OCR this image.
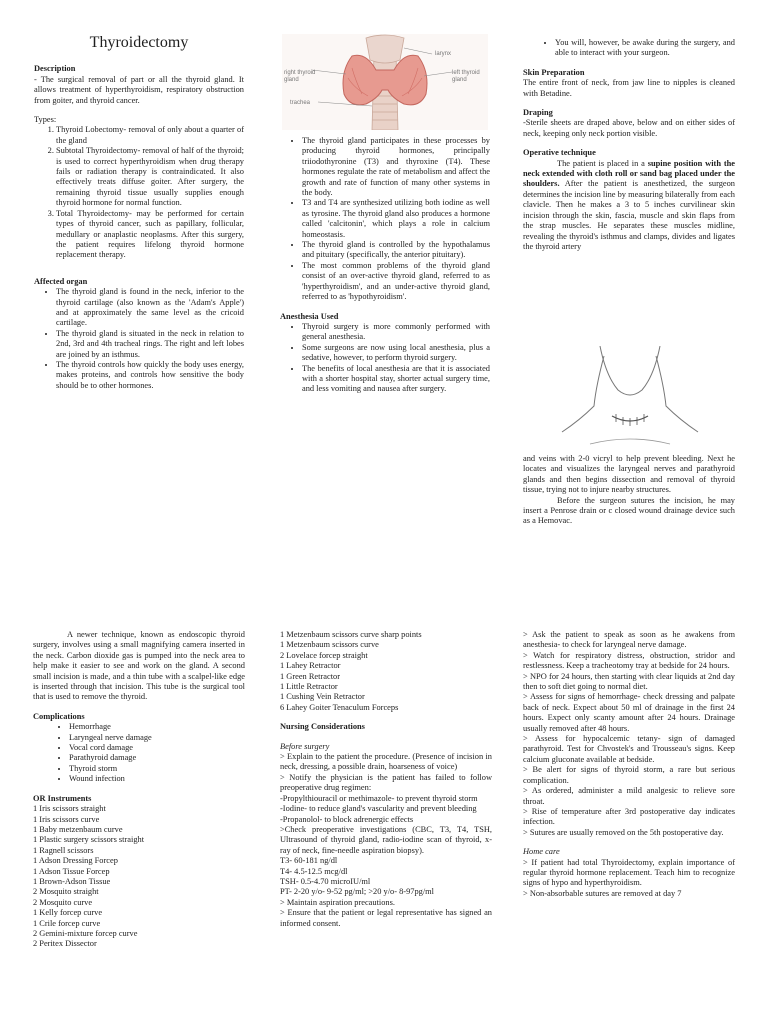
Thyroidectomy

Description

- The surgical removal of part or all the thyroid gland. It allows treatment of hyperthyroidism, respiratory obstruction from goiter, and thyroid cancer.

Types:

1. Thyroid Lobectomy- removal of only about a quarter of the gland
2. Subtotal Thyroidectomy- removal of half of the thyroid; is used to correct hyperthyroidism when drug therapy fails or radiation therapy is contraindicated. It also effectively treats diffuse goiter. After surgery, the remaining thyroid tissue usually supplies enough thyroid hormone for normal function.
3. Total Thyroidectomy- may be performed for certain types of thyroid cancer, such as papillary, follicular, medullary or anaplastic neoplasms. After this surgery, the patient requires lifelong thyroid hormone replacement therapy.

Affected organ

• The thyroid gland is found in the neck, inferior to the thyroid cartilage (also known as the 'Adam's Apple') and at approximately the same level as the cricoid cartilage.
• The thyroid gland is situated in the neck in relation to 2nd, 3rd and 4th tracheal rings. The right and left lobes are joined by an isthmus.
• The thyroid controls how quickly the body uses energy, makes proteins, and controls how sensitive the body should be to other hormones.
larynx
right thyroid gland
left thyroid gland
trachea
• The thyroid gland participates in these processes by producing thyroid hormones, principally triiodothyronine (T3) and thyroxine (T4). These hormones regulate the rate of metabolism and affect the growth and rate of function of many other systems in the body.
• T3 and T4 are synthesized utilizing both iodine as well as tyrosine. The thyroid gland also produces a hormone called 'calcitonin', which plays a role in calcium homeostasis.
• The thyroid gland is controlled by the hypothalamus and pituitary (specifically, the anterior pituitary).
• The most common problems of the thyroid gland consist of an over-active thyroid gland, referred to as 'hyperthyroidism', and an under-active thyroid gland, referred to as 'hypothyroidism'.

Anesthesia Used

• Thyroid surgery is more commonly performed with general anesthesia.
• Some surgeons are now using local anesthesia, plus a sedative, however, to perform thyroid surgery.
• The benefits of local anesthesia are that it is associated with a shorter hospital stay, shorter actual surgery time, and less vomiting and nausea after surgery.
• You will, however, be awake during the surgery, and able to interact with your surgeon.

Skin Preparation

The entire front of neck, from jaw line to nipples is cleaned with Betadine.

Draping

-Sterile sheets are draped above, below and on either sides of neck, keeping only neck portion visible.

Operative technique

The patient is placed in a supine position with the neck extended with cloth roll or sand bag placed under the shoulders. After the patient is anesthetized, the surgeon determines the incision line by measuring bilaterally from each clavicle. Then he makes a 3 to 5 inches curvilinear skin incision through the skin, fascia, muscle and skin flaps from the strap muscles. He separates these muscles midline, revealing the thyroid's isthmus and clamps, divides and ligates the thyroid artery

and veins with 2-0 vicryl to help prevent bleeding. Next he locates and visualizes the laryngeal nerves and parathyroid glands and then begins dissection and removal of thyroid tissue, trying not to injure nearby structures.

Before the surgeon sutures the incision, he may insert a Penrose drain or c closed wound drainage device such as a Hemovac.

A newer technique, known as endoscopic thyroid surgery, involves using a small magnifying camera inserted in the neck. Carbon dioxide gas is pumped into the neck area to help make it easier to see and work on the gland. A second small incision is made, and a thin tube with a scalpel-like edge is inserted through that incision. This tube is the surgical tool that is used to remove the thyroid.

Complications

• Hemorrhage
• Laryngeal nerve damage
• Vocal cord damage
• Parathyroid damage
• Thyroid storm
• Wound infection

OR Instruments

1 Iris scissors straight

1 Iris scissors curve

1 Baby metzenbaum curve

1 Plastic surgery scissors straight

1 Ragnell scissors

1 Adson Dressing Forcep

1 Adson Tissue Forcep

1 Brown-Adson Tissue

2 Mosquito straight

2 Mosquito curve

1 Kelly forcep curve

1 Crile forcep curve

2 Gemini-mixture forcep curve

2 Peritex Dissector

1 Metzenbaum scissors curve sharp points

1 Metzenbaum scissors curve

2 Lovelace forcep straight

1 Lahey Retractor

1 Green Retractor

1 Little Retractor

1 Cushing Vein Retractor

6 Lahey Goiter Tenaculum Forceps

Nursing Considerations

Before surgery

> Explain to the patient the procedure. (Presence of incision in neck, dressing, a possible drain, hoarseness of voice)

> Notify the physician is the patient has failed to follow preoperative drug regimen:

-Propylthiouracil or methimazole- to prevent thyroid storm

-Iodine- to reduce gland's vascularity and prevent bleeding

-Propanolol- to block adrenergic effects

>Check preoperative investigations (CBC, T3, T4, TSH, Ultrasound of thyroid gland, radio-iodine scan of thyroid, x-ray of neck, fine-needle aspiration biopsy).

T3- 60-181 ng/dl

T4- 4.5-12.5 mcg/dl

TSH- 0.5-4.70 microIU/ml

PT- 2-20 y/o- 9-52 pg/ml; >20 y/o- 8-97pg/ml

> Maintain aspiration precautions.

> Ensure that the patient or legal representative has signed an informed consent.

> Ask the patient to speak as soon as he awakens from anesthesia- to check for laryngeal nerve damage.

> Watch for respiratory distress, obstruction, stridor and restlessness. Keep a tracheotomy tray at bedside for 24 hours.

> NPO for 24 hours, then starting with clear liquids at 2nd day then to soft diet going to normal diet.

> Assess for signs of hemorrhage- check dressing and palpate back of neck. Expect about 50 ml of drainage in the first 24 hours. Expect only scanty amount after 24 hours. Drainage usually removed after 48 hours.

> Assess for hypocalcemic tetany- sign of damaged parathyroid. Test for Chvostek's and Trousseau's signs. Keep calcium gluconate available at bedside.

> Be alert for signs of thyroid storm, a rare but serious complication.

> As ordered, administer a mild analgesic to relieve sore throat.

> Rise of temperature after 3rd postoperative day indicates infection.

> Sutures are usually removed on the 5th postoperative day.

Home care

> If patient had total Thyroidectomy, explain importance of regular thyroid hormone replacement. Teach him to recognize signs of hypo and hyperthyroidism.

> Non-absorbable sutures are removed at day 7
